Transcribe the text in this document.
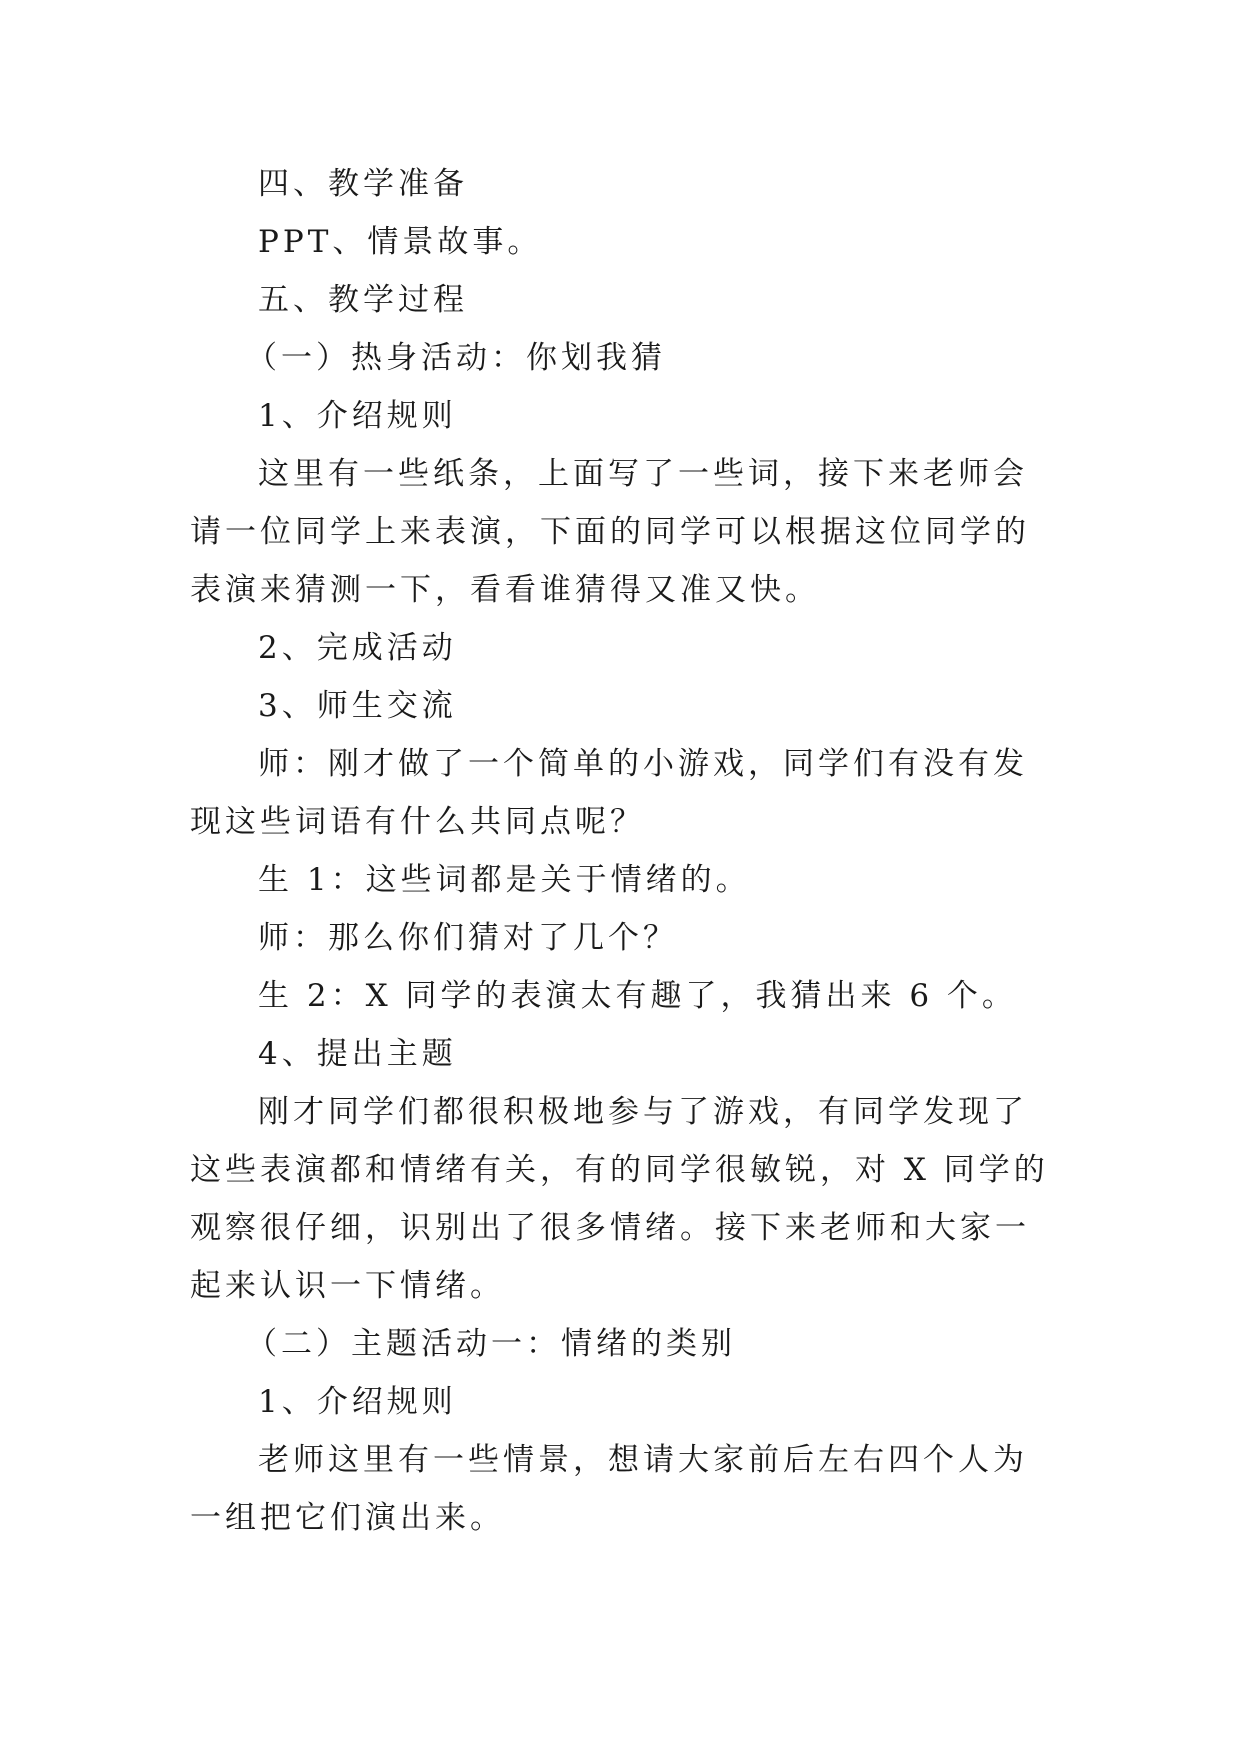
四、教学准备

PPT、情景故事。

五、教学过程

（一）热身活动：你划我猜

1、介绍规则

这里有一些纸条，上面写了一些词，接下来老师会请一位同学上来表演，下面的同学可以根据这位同学的表演来猜测一下，看看谁猜得又准又快。

2、完成活动

3、师生交流

师：刚才做了一个简单的小游戏，同学们有没有发现这些词语有什么共同点呢？

生 1：这些词都是关于情绪的。

师：那么你们猜对了几个？

生 2：X 同学的表演太有趣了，我猜出来 6 个。

4、提出主题

刚才同学们都很积极地参与了游戏，有同学发现了这些表演都和情绪有关，有的同学很敏锐，对 X 同学的观察很仔细，识别出了很多情绪。接下来老师和大家一起来认识一下情绪。

（二）主题活动一：情绪的类别

1、介绍规则

老师这里有一些情景，想请大家前后左右四个人为一组把它们演出来。
